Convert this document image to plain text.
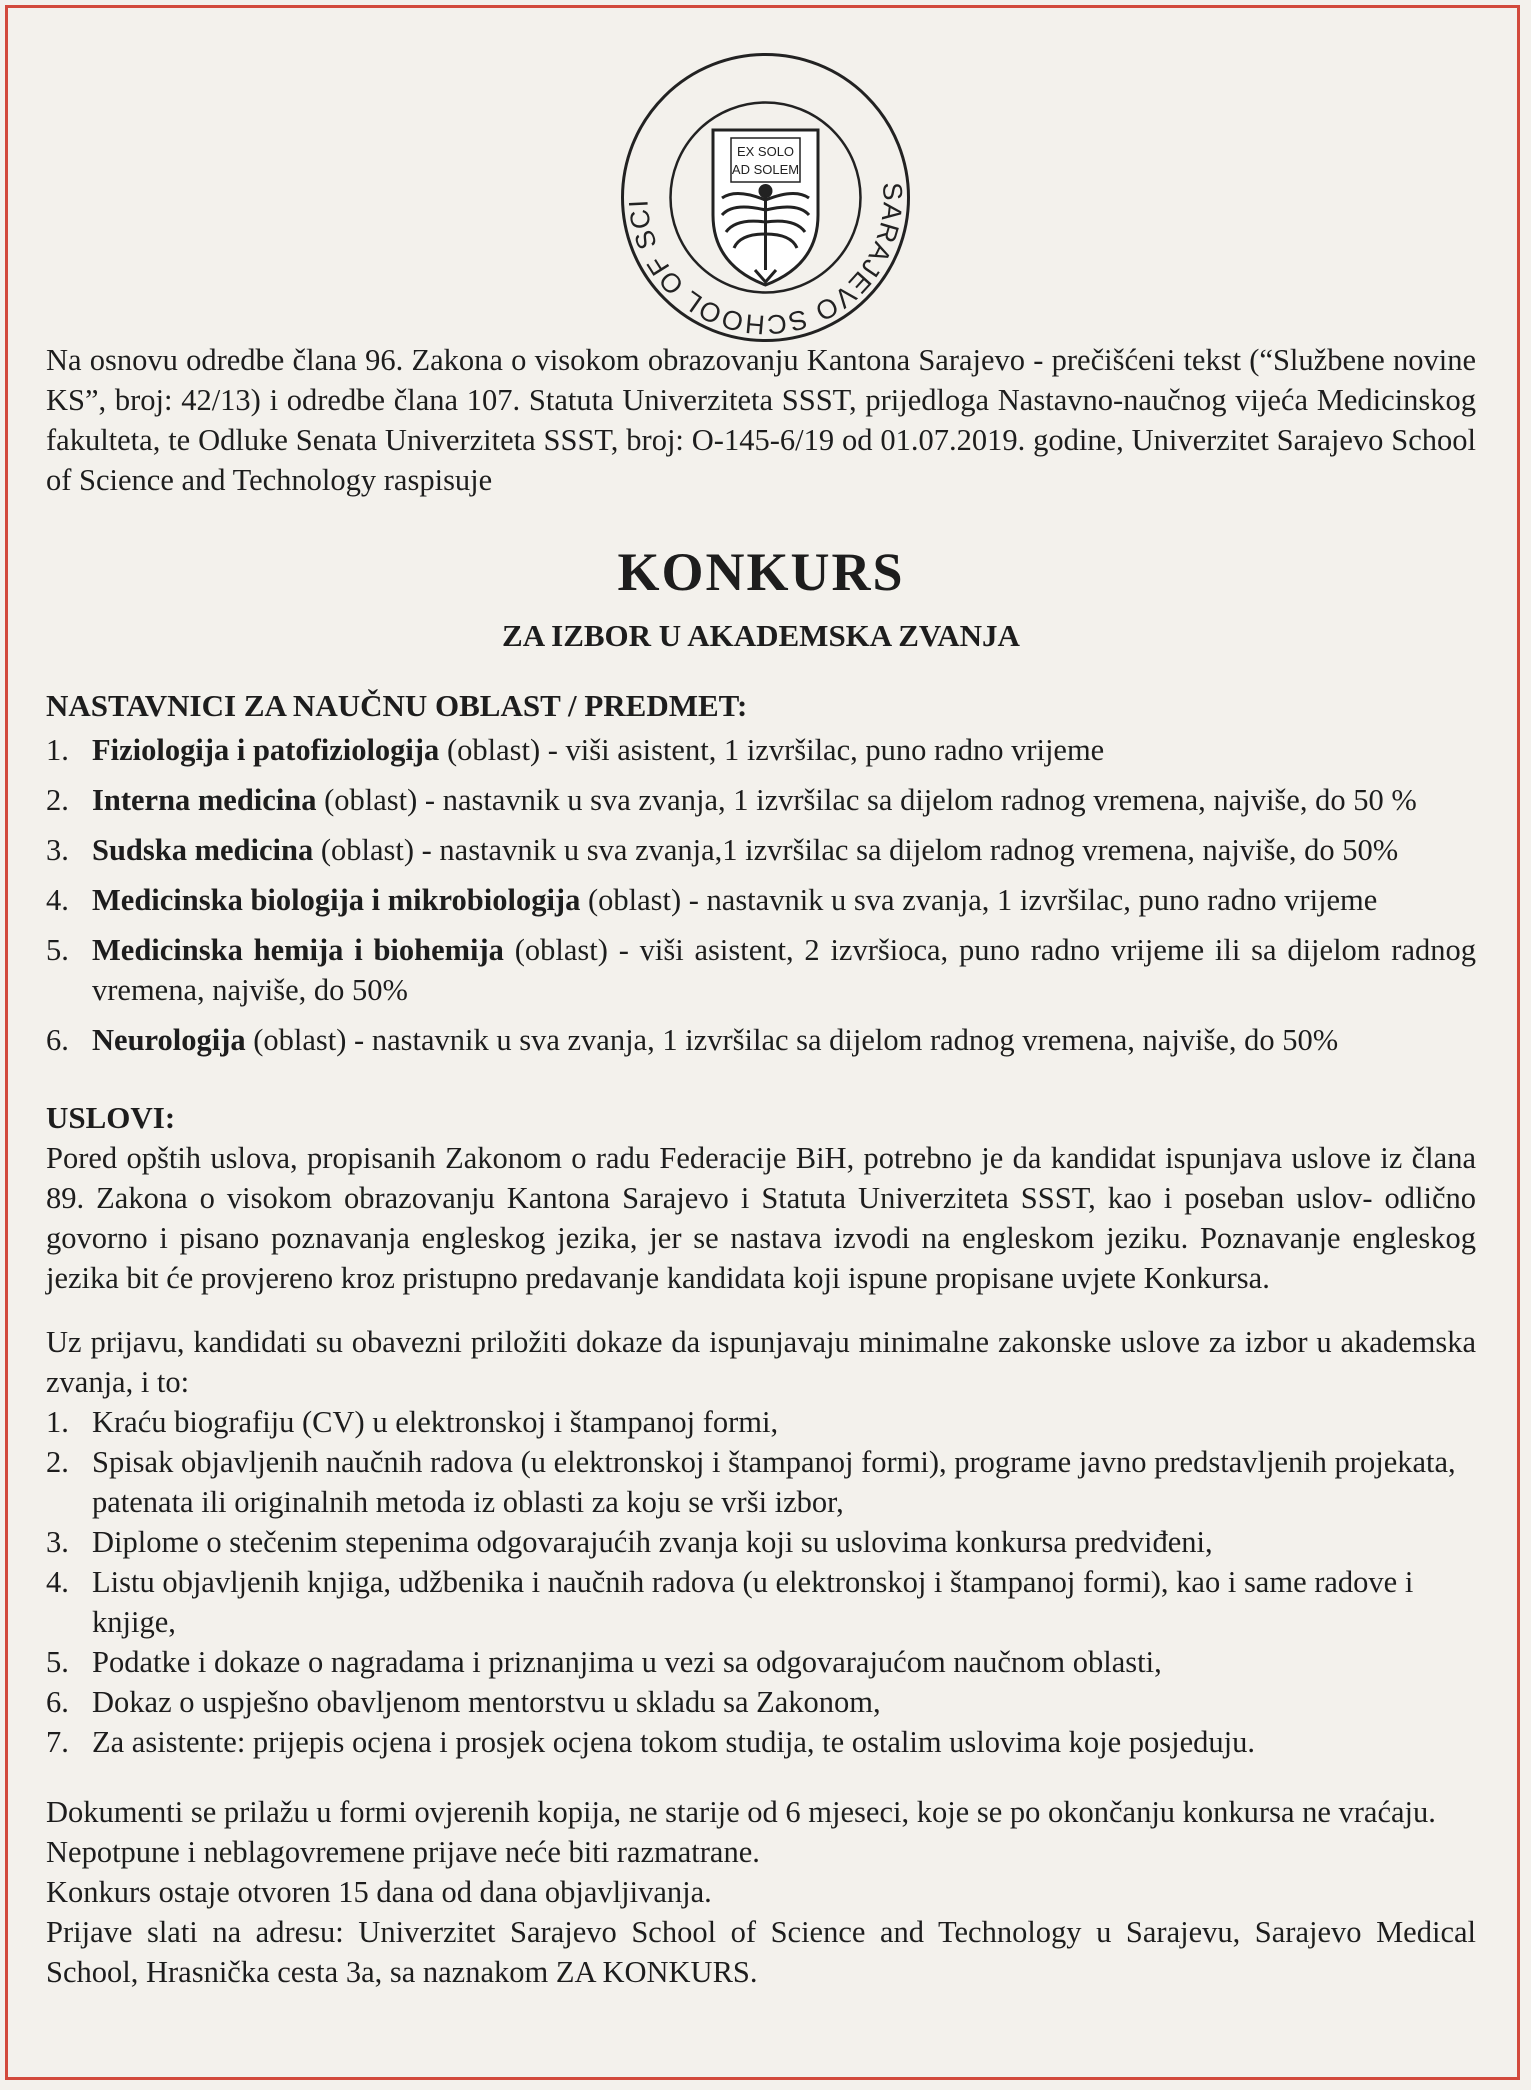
SARAJEVO SCHOOL OF SCI
EX SOLO
AD SOLEM

Na osnovu odredbe člana 96. Zakona o visokom obrazovanju Kantona Sarajevo - prečišćeni tekst (“Službene novine KS”, broj: 42/13) i odredbe člana 107. Statuta Univerziteta SSST, prijedloga Nastavno-naučnog vijeća Medicinskog fakulteta, te Odluke Senata Univerziteta SSST, broj: O-145-6/19 od 01.07.2019. godine, Univerzitet Sarajevo School of Science and Technology raspisuje

KONKURS
ZA IZBOR U AKADEMSKA ZVANJA
NASTAVNICI ZA NAUČNU OBLAST / PREDMET:
1. Fiziologija i patofiziologija (oblast) - viši asistent, 1 izvršilac, puno radno vrijeme
2. Interna medicina (oblast) - nastavnik u sva zvanja, 1 izvršilac sa dijelom radnog vremena, najviše, do 50 %
3. Sudska medicina (oblast) - nastavnik u sva zvanja,1 izvršilac sa dijelom radnog vremena, najviše, do 50%
4. Medicinska biologija i mikrobiologija (oblast) - nastavnik u sva zvanja, 1 izvršilac, puno radno vrijeme
5. Medicinska hemija i biohemija (oblast) - viši asistent, 2 izvršioca, puno radno vrijeme ili sa dijelom radnog vremena, najviše, do 50%
6. Neurologija (oblast) - nastavnik u sva zvanja, 1 izvršilac sa dijelom radnog vremena, najviše, do 50%
USLOVI:

Pored opštih uslova, propisanih Zakonom o radu Federacije BiH, potrebno je da kandidat ispunjava uslove iz člana 89. Zakona o visokom obrazovanju Kantona Sarajevo i Statuta Univerziteta SSST, kao i poseban uslov- odlično govorno i pisano poznavanja engleskog jezika, jer se nastava izvodi na engleskom jeziku. Poznavanje engleskog jezika bit će provjereno kroz pristupno predavanje kandidata koji ispune propisane uvjete Konkursa.

Uz prijavu, kandidati su obavezni priložiti dokaze da ispunjavaju minimalne zakonske uslove za izbor u akademska zvanja, i to:

1. Kraću biografiju (CV) u elektronskoj i štampanoj formi,
2. Spisak objavljenih naučnih radova (u elektronskoj i štampanoj formi), programe javno predstavljenih projekata, patenata ili originalnih metoda iz oblasti za koju se vrši izbor,
3. Diplome o stečenim stepenima odgovarajućih zvanja koji su uslovima konkursa predviđeni,
4. Listu objavljenih knjiga, udžbenika i naučnih radova (u elektronskoj i štampanoj formi), kao i same radove i knjige,
5. Podatke i dokaze o nagradama i priznanjima u vezi sa odgovarajućom naučnom oblasti,
6. Dokaz o uspješno obavljenom mentorstvu u skladu sa Zakonom,
7. Za asistente: prijepis ocjena i prosjek ocjena tokom studija, te ostalim uslovima koje posjeduju.

Dokumenti se prilažu u formi ovjerenih kopija, ne starije od 6 mjeseci, koje se po okončanju konkursa ne vraćaju.

Nepotpune i neblagovremene prijave neće biti razmatrane.

Konkurs ostaje otvoren 15 dana od dana objavljivanja.

Prijave slati na adresu: Univerzitet Sarajevo School of Science and Technology u Sarajevu, Sarajevo Medical School, Hrasnička cesta 3a, sa naznakom ZA KONKURS.
